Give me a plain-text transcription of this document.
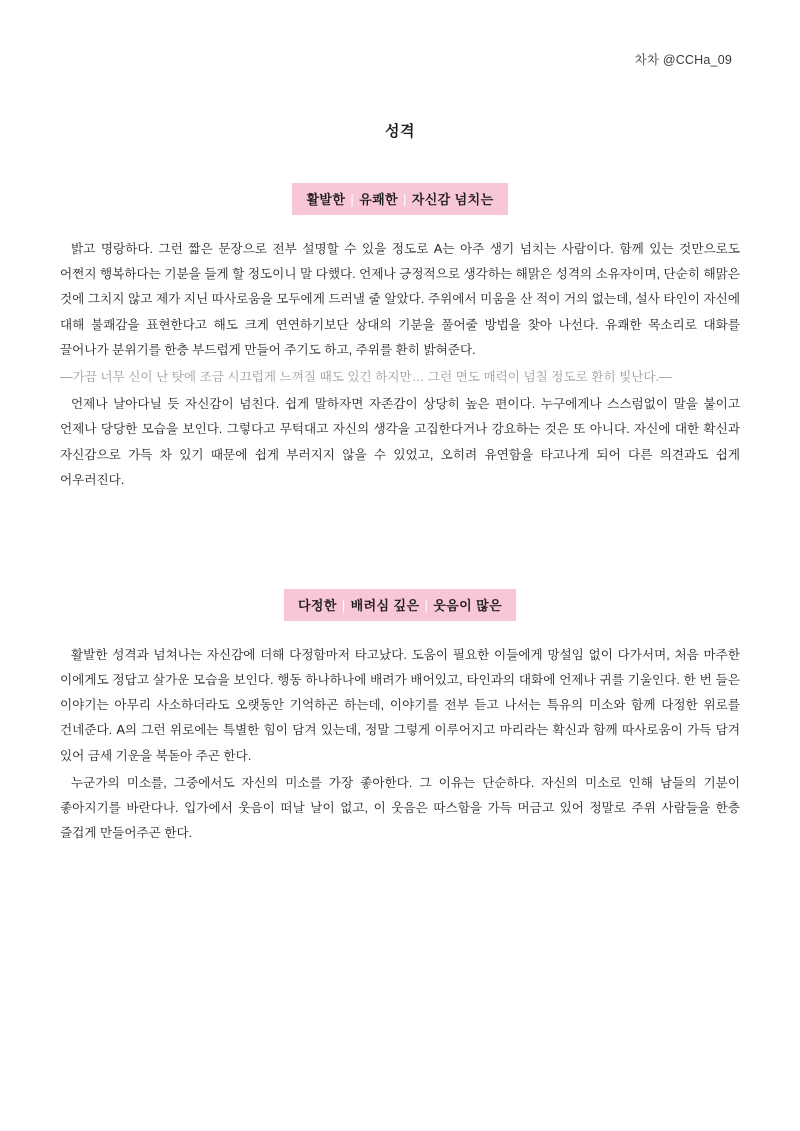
차차 @CCHa_09
성격
활발한 | 유쾌한 | 자신감 넘치는

밝고 명랑하다. 그런 짧은 문장으로 전부 설명할 수 있을 정도로 A는 아주 생기 넘치는 사람이다. 함께 있는 것만으로도 어쩐지 행복하다는 기분을 들게 할 정도이니 말 다했다. 언제나 긍정적으로 생각하는 해맑은 성격의 소유자이며, 단순히 해맑은 것에 그치지 않고 제가 지닌 따사로움을 모두에게 드러낼 줄 알았다. 주위에서 미움을 산 적이 거의 없는데, 설사 타인이 자신에 대해 불쾌감을 표현한다고 해도 크게 연연하기보단 상대의 기분을 풀어줄 방법을 찾아 나선다. 유쾌한 목소리로 대화를 끌어나가 분위기를 한층 부드럽게 만들어 주기도 하고, 주위를 환히 밝혀준다.

―가끔 너무 신이 난 탓에 조금 시끄럽게 느껴질 때도 있긴 하지만… 그런 면도 매력이 넘칠 정도로 환히 빛난다.―

언제나 날아다닐 듯 자신감이 넘친다. 쉽게 말하자면 자존감이 상당히 높은 편이다. 누구에게나 스스럼없이 말을 붙이고 언제나 당당한 모습을 보인다. 그렇다고 무턱대고 자신의 생각을 고집한다거나 강요하는 것은 또 아니다. 자신에 대한 확신과 자신감으로 가득 차 있기 때문에 쉽게 부러지지 않을 수 있었고, 오히려 유연함을 타고나게 되어 다른 의견과도 쉽게 어우러진다.

다정한 | 배려심 깊은 | 웃음이 많은

활발한 성격과 넘쳐나는 자신감에 더해 다정함마저 타고났다. 도움이 필요한 이들에게 망설임 없이 다가서며, 처음 마주한 이에게도 정답고 살가운 모습을 보인다. 행동 하나하나에 배려가 배어있고, 타인과의 대화에 언제나 귀를 기울인다. 한 번 들은 이야기는 아무리 사소하더라도 오랫동안 기억하곤 하는데, 이야기를 전부 듣고 나서는 특유의 미소와 함께 다정한 위로를 건네준다. A의 그런 위로에는 특별한 힘이 담겨 있는데, 정말 그렇게 이루어지고 마리라는 확신과 함께 따사로움이 가득 담겨 있어 금세 기운을 북돋아 주곤 한다.

누군가의 미소를, 그중에서도 자신의 미소를 가장 좋아한다. 그 이유는 단순하다. 자신의 미소로 인해 남들의 기분이 좋아지기를 바란다나. 입가에서 웃음이 떠날 날이 없고, 이 웃음은 따스함을 가득 머금고 있어 정말로 주위 사람들을 한층 즐겁게 만들어주곤 한다.
